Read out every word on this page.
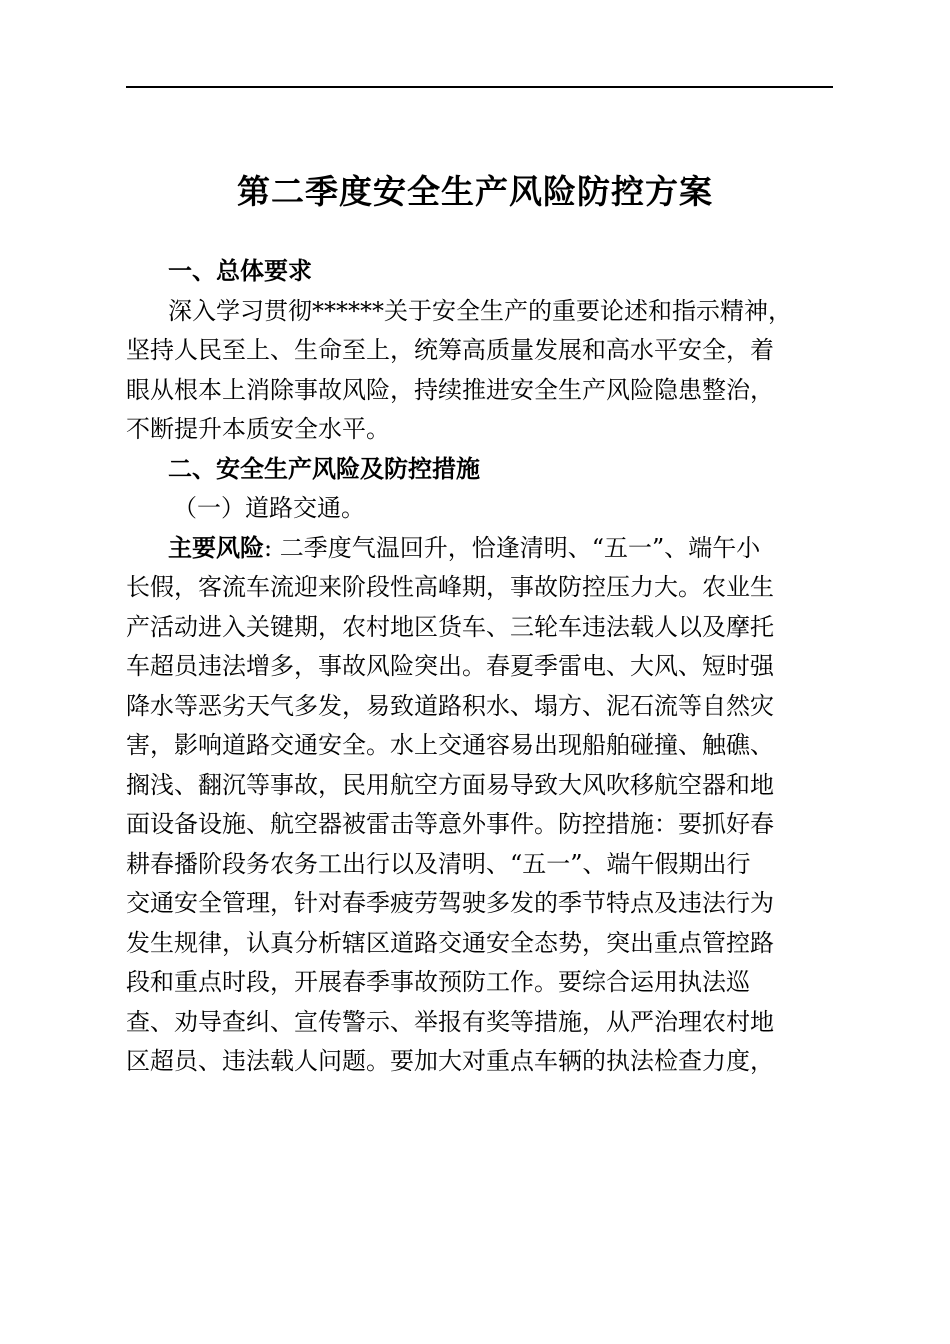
第二季度安全生产风险防控方案
一、总体要求
深入学习贯彻******关于安全生产的重要论述和指示精神，
坚持人民至上、生命至上，统筹高质量发展和高水平安全，着
眼从根本上消除事故风险，持续推进安全生产风险隐患整治，
不断提升本质安全水平。
二、安全生产风险及防控措施
（一）道路交通。
主要风险: 二季度气温回升，恰逢清明、“五一”、端午小
长假，客流车流迎来阶段性高峰期，事故防控压力大。农业生
产活动进入关键期，农村地区货车、三轮车违法载人以及摩托
车超员违法增多，事故风险突出。春夏季雷电、大风、短时强
降水等恶劣天气多发，易致道路积水、塌方、泥石流等自然灾
害，影响道路交通安全。水上交通容易出现船舶碰撞、触礁、
搁浅、翻沉等事故，民用航空方面易导致大风吹移航空器和地
面设备设施、航空器被雷击等意外事件。防控措施：要抓好春
耕春播阶段务农务工出行以及清明、“五一”、端午假期出行
交通安全管理，针对春季疲劳驾驶多发的季节特点及违法行为
发生规律，认真分析辖区道路交通安全态势，突出重点管控路
段和重点时段，开展春季事故预防工作。要综合运用执法巡
查、劝导查纠、宣传警示、举报有奖等措施，从严治理农村地
区超员、违法载人问题。要加大对重点车辆的执法检查力度，
